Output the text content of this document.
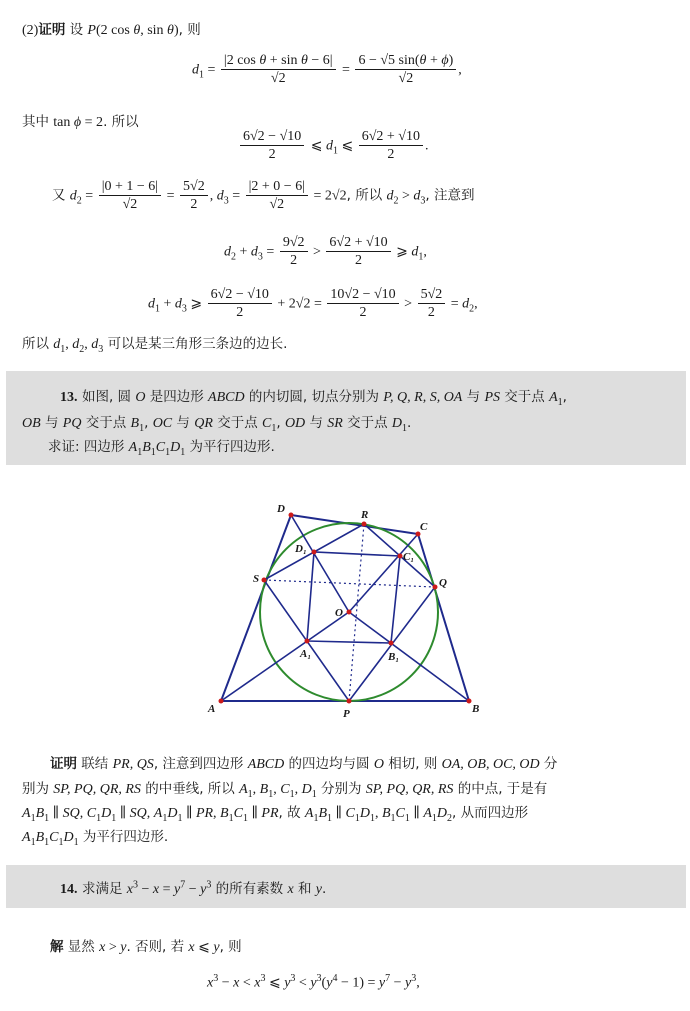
(2)证明 设 P(2 cos θ, sin θ), 则
$d_1 = \frac{\text{|2 cos θ + sin θ − 6|}}{√2} = \frac{6 - √5 \sin(\theta + \phi)}{√2}$ ,
其中 tan ϕ = 2. 所以
$\frac{6√2 - √10}{2}$ ⩽ $d_1$ ⩽ $\frac{6√2 + √10}{2}$ .
又 $d_2 = \frac{|0 + 1 - 6|}{√2} = \frac{5√2}{2}$ , $d_3 = \frac{|2 + 0 - 6|}{√2} = 2√2$, 所以 $d_2 > d_3$, 注意到
$d_2 + d_3 = \frac{9√2}{2} > \frac{6√2 + √10}{2}$ ⩾ $d_1$,
$d_1 + d_3$ ⩾ $\frac{6√2 - √10}{2} + 2√2 = \frac{10√2 - √10}{2} > \frac{5√2}{2} = d_2$,
所以 $d_1$, $d_2$, $d_3$ 可以是某三角形三条边的边长.
13. 如图, 圆 O 是四边形 ABCD 的内切圆, 切点分别为 P, Q, R, S, OA 与 PS 交于点 $A_1$,
OB 与 PQ 交于点 $B_1$, OC 与 QR 交于点 $C_1$, OD 与 SR 交于点 $D_1$.
求证: 四边形 $A_1B_1C_1D_1$ 为平行四边形.
A	B
C
D
P
Q
R
S
O
A₁	B₁
C₁
D₁
证明 联结 PR, QS, 注意到四边形 ABCD 的四边均与圆 O 相切, 则 OA, OB, OC, OD 分
别为 SP, PQ, QR, RS 的中垂线, 所以 $A_1$, $B_1$, $C_1$, $D_1$ 分别为 SP, PQ, QR, RS 的中点, 于是有
$A_1B_1$ ∥ SQ, $C_1D_1$ ∥ SQ, $A_1D_1$ ∥ PR, $B_1C_1$ ∥ PR, 故 $A_1B_1$ ∥ $C_1D_1$, $B_1C_1$ ∥ $A_1D_2$, 从而四边形
$A_1B_1C_1D_1$ 为平行四边形.
14. 求满足 $x^3 - x = y^7 - y^3$ 的所有素数 x 和 y.
解 显然 x > y. 否则, 若 x ⩽ y, 则
$x^3 - x < x^3$ ⩽ $y^3 < y^3(y^4 - 1) = y^7 - y^3$,
